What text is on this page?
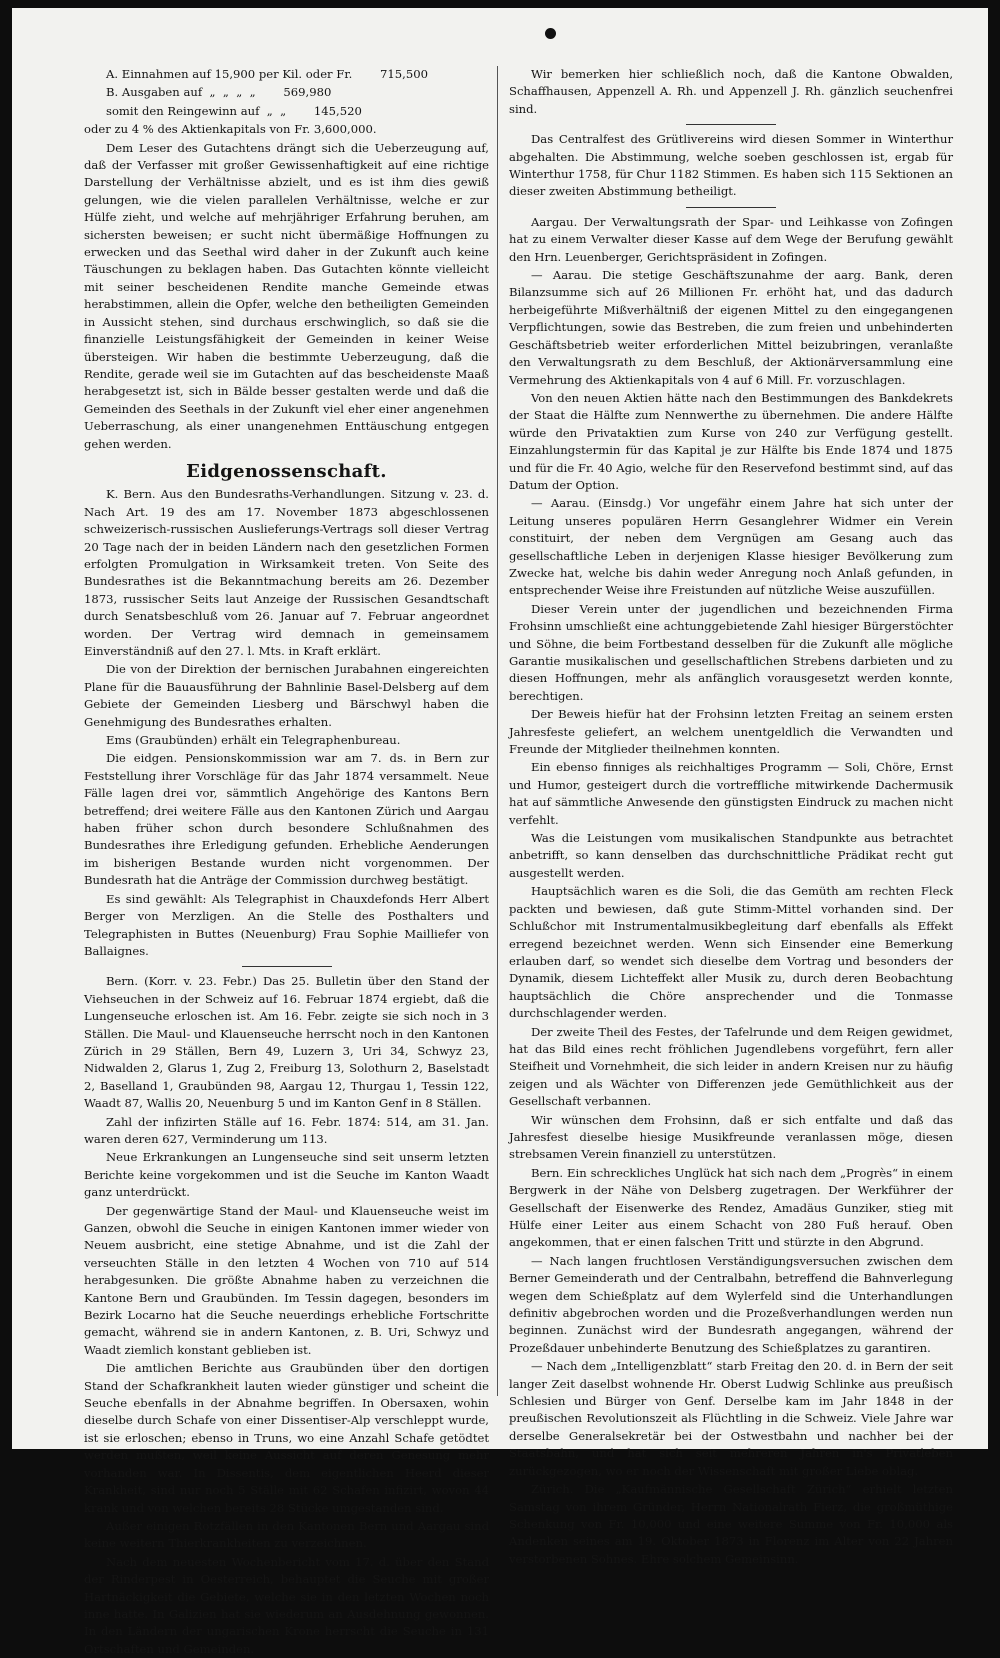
A. Einnahmen auf 15,900 per Kil. oder Fr. 715,500

B. Ausgaben auf  „  „  „  „ 569,980

somit den Reingewinn auf  „  „ 145,520

oder zu 4 % des Aktienkapitals von Fr. 3,600,000.

Dem Leser des Gutachtens drängt sich die Ueberzeugung auf, daß der Verfasser mit großer Gewissenhaftigkeit auf eine richtige Darstellung der Verhältnisse abzielt, und es ist ihm dies gewiß gelungen, wie die vielen parallelen Verhältnisse, welche er zur Hülfe zieht, und welche auf mehrjähriger Erfahrung beruhen, am sichersten beweisen; er sucht nicht übermäßige Hoffnungen zu erwecken und das Seethal wird daher in der Zukunft auch keine Täuschungen zu beklagen haben. Das Gutachten könnte vielleicht mit seiner bescheidenen Rendite manche Gemeinde etwas herabstimmen, allein die Opfer, welche den betheiligten Gemeinden in Aussicht stehen, sind durchaus erschwinglich, so daß sie die finanzielle Leistungsfähigkeit der Gemeinden in keiner Weise übersteigen. Wir haben die bestimmte Ueberzeugung, daß die Rendite, gerade weil sie im Gutachten auf das bescheidenste Maaß herabgesetzt ist, sich in Bälde besser gestalten werde und daß die Gemeinden des Seethals in der Zukunft viel eher einer angenehmen Ueberraschung, als einer unangenehmen Enttäuschung entgegen gehen werden.

Eidgenossenschaft.

K. Bern. Aus den Bundesraths-Verhandlungen. Sitzung v. 23. d. Nach Art. 19 des am 17. November 1873 abgeschlossenen schweizerisch-russischen Auslieferungs-Vertrags soll dieser Vertrag 20 Tage nach der in beiden Ländern nach den gesetzlichen Formen erfolgten Promulgation in Wirksamkeit treten. Von Seite des Bundesrathes ist die Bekanntmachung bereits am 26. Dezember 1873, russischer Seits laut Anzeige der Russischen Gesandtschaft durch Senatsbeschluß vom 26. Januar auf 7. Februar angeordnet worden. Der Vertrag wird demnach in gemeinsamem Einverständniß auf den 27. l. Mts. in Kraft erklärt.

Die von der Direktion der bernischen Jurabahnen eingereichten Plane für die Bauausführung der Bahnlinie Basel-Delsberg auf dem Gebiete der Gemeinden Liesberg und Bärschwyl haben die Genehmigung des Bundesrathes erhalten.

Ems (Graubünden) erhält ein Telegraphenbureau.

Die eidgen. Pensionskommission war am 7. ds. in Bern zur Feststellung ihrer Vorschläge für das Jahr 1874 versammelt. Neue Fälle lagen drei vor, sämmtlich Angehörige des Kantons Bern betreffend; drei weitere Fälle aus den Kantonen Zürich und Aargau haben früher schon durch besondere Schlußnahmen des Bundesrathes ihre Erledigung gefunden. Erhebliche Aenderungen im bisherigen Bestande wurden nicht vorgenommen. Der Bundesrath hat die Anträge der Commission durchweg bestätigt.

Es sind gewählt: Als Telegraphist in Chauxdefonds Herr Albert Berger von Merzligen. An die Stelle des Posthalters und Telegraphisten in Buttes (Neuenburg) Frau Sophie Mailliefer von Ballaignes.

Bern. (Korr. v. 23. Febr.) Das 25. Bulletin über den Stand der Viehseuchen in der Schweiz auf 16. Februar 1874 ergiebt, daß die Lungenseuche erloschen ist. Am 16. Febr. zeigte sie sich noch in 3 Ställen. Die Maul- und Klauenseuche herrscht noch in den Kantonen Zürich in 29 Ställen, Bern 49, Luzern 3, Uri 34, Schwyz 23, Nidwalden 2, Glarus 1, Zug 2, Freiburg 13, Solothurn 2, Baselstadt 2, Baselland 1, Graubünden 98, Aargau 12, Thurgau 1, Tessin 122, Waadt 87, Wallis 20, Neuenburg 5 und im Kanton Genf in 8 Ställen.

Zahl der infizirten Ställe auf 16. Febr. 1874: 514, am 31. Jan. waren deren 627, Verminderung um 113.

Neue Erkrankungen an Lungenseuche sind seit unserm letzten Berichte keine vorgekommen und ist die Seuche im Kanton Waadt ganz unterdrückt.

Der gegenwärtige Stand der Maul- und Klauenseuche weist im Ganzen, obwohl die Seuche in einigen Kantonen immer wieder von Neuem ausbricht, eine stetige Abnahme, und ist die Zahl der verseuchten Ställe in den letzten 4 Wochen von 710 auf 514 herabgesunken. Die größte Abnahme haben zu verzeichnen die Kantone Bern und Graubünden. Im Tessin dagegen, besonders im Bezirk Locarno hat die Seuche neuerdings erhebliche Fortschritte gemacht, während sie in andern Kantonen, z. B. Uri, Schwyz und Waadt ziemlich konstant geblieben ist.

Die amtlichen Berichte aus Graubünden über den dortigen Stand der Schafkrankheit lauten wieder günstiger und scheint die Seuche ebenfalls in der Abnahme begriffen. In Obersaxen, wohin dieselbe durch Schafe von einer Dissentiser-Alp verschleppt wurde, ist sie erloschen; ebenso in Truns, wo eine Anzahl Schafe getödtet werden mußten, weil keine Aussicht auf deren Genesung mehr vorhanden war. In Dissentis, dem eigentlichen Heerd dieser Krankheit, sind nur noch 5 Ställe mit 62 Schafen infizirt, wovon 44 krank und von welchen bereits 28 Stücke umgestanden sind.

Außer einigen Rotzfällen in den Kantonen Bern und Aargau sind keine weitern Thierkrankheiten zu verzeichnen.

Nach dem neuesten Wochenbericht vom 17. d. über den Stand der Rinderpest in Oesterreich, behauptet die Seuche mit großer Hartnäckigkeit die Gebiete, welche sie in den letzten Wochen noch inne hatte. In Galizien hat sie wiederum an Ausdehnung gewonnen. In den Ländern der ungarischen Krone herrscht die Seuche in 131 Ortschaften und Gemeinden.

Wir bemerken hier schließlich noch, daß die Kantone Obwalden, Schaffhausen, Appenzell A. Rh. und Appenzell J. Rh. gänzlich seuchenfrei sind.

Das Centralfest des Grütlivereins wird diesen Sommer in Winterthur abgehalten. Die Abstimmung, welche soeben geschlossen ist, ergab für Winterthur 1758, für Chur 1182 Stimmen. Es haben sich 115 Sektionen an dieser zweiten Abstimmung betheiligt.

Aargau. Der Verwaltungsrath der Spar- und Leihkasse von Zofingen hat zu einem Verwalter dieser Kasse auf dem Wege der Berufung gewählt den Hrn. Leuenberger, Gerichtspräsident in Zofingen.

— Aarau. Die stetige Geschäftszunahme der aarg. Bank, deren Bilanzsumme sich auf 26 Millionen Fr. erhöht hat, und das dadurch herbeigeführte Mißverhältniß der eigenen Mittel zu den eingegangenen Verpflichtungen, sowie das Bestreben, die zum freien und unbehinderten Geschäftsbetrieb weiter erforderlichen Mittel beizubringen, veranlaßte den Verwaltungsrath zu dem Beschluß, der Aktionärversammlung eine Vermehrung des Aktienkapitals von 4 auf 6 Mill. Fr. vorzuschlagen.

Von den neuen Aktien hätte nach den Bestimmungen des Bankdekrets der Staat die Hälfte zum Nennwerthe zu übernehmen. Die andere Hälfte würde den Privataktien zum Kurse von 240 zur Verfügung gestellt. Einzahlungstermin für das Kapital je zur Hälfte bis Ende 1874 und 1875 und für die Fr. 40 Agio, welche für den Reservefond bestimmt sind, auf das Datum der Option.

— Aarau. (Einsdg.) Vor ungefähr einem Jahre hat sich unter der Leitung unseres populären Herrn Gesanglehrer Widmer ein Verein constituirt, der neben dem Vergnügen am Gesang auch das gesellschaftliche Leben in derjenigen Klasse hiesiger Bevölkerung zum Zwecke hat, welche bis dahin weder Anregung noch Anlaß gefunden, in entsprechender Weise ihre Freistunden auf nützliche Weise auszufüllen.

Dieser Verein unter der jugendlichen und bezeichnenden Firma Frohsinn umschließt eine achtunggebietende Zahl hiesiger Bürgerstöchter und Söhne, die beim Fortbestand desselben für die Zukunft alle mögliche Garantie musikalischen und gesellschaftlichen Strebens darbieten und zu diesen Hoffnungen, mehr als anfänglich vorausgesetzt werden konnte, berechtigen.

Der Beweis hiefür hat der Frohsinn letzten Freitag an seinem ersten Jahresfeste geliefert, an welchem unentgeldlich die Verwandten und Freunde der Mitglieder theilnehmen konnten.

Ein ebenso finniges als reichhaltiges Programm — Soli, Chöre, Ernst und Humor, gesteigert durch die vortreffliche mitwirkende Dachermusik hat auf sämmtliche Anwesende den günstigsten Eindruck zu machen nicht verfehlt.

Was die Leistungen vom musikalischen Standpunkte aus betrachtet anbetrifft, so kann denselben das durchschnittliche Prädikat recht gut ausgestellt werden.

Hauptsächlich waren es die Soli, die das Gemüth am rechten Fleck packten und bewiesen, daß gute Stimm-Mittel vorhanden sind. Der Schlußchor mit Instrumentalmusikbegleitung darf ebenfalls als Effekt erregend bezeichnet werden. Wenn sich Einsender eine Bemerkung erlauben darf, so wendet sich dieselbe dem Vortrag und besonders der Dynamik, diesem Lichteffekt aller Musik zu, durch deren Beobachtung hauptsächlich die Chöre ansprechender und die Tonmasse durchschlagender werden.

Der zweite Theil des Festes, der Tafelrunde und dem Reigen gewidmet, hat das Bild eines recht fröhlichen Jugendlebens vorgeführt, fern aller Steifheit und Vornehmheit, die sich leider in andern Kreisen nur zu häufig zeigen und als Wächter von Differenzen jede Gemüthlichkeit aus der Gesellschaft verbannen.

Wir wünschen dem Frohsinn, daß er sich entfalte und daß das Jahresfest dieselbe hiesige Musikfreunde veranlassen möge, diesen strebsamen Verein finanziell zu unterstützen.

Bern. Ein schreckliches Unglück hat sich nach dem „Progrès“ in einem Bergwerk in der Nähe von Delsberg zugetragen. Der Werkführer der Gesellschaft der Eisenwerke des Rendez, Amadäus Gunziker, stieg mit Hülfe einer Leiter aus einem Schacht von 280 Fuß herauf. Oben angekommen, that er einen falschen Tritt und stürzte in den Abgrund.

— Nach langen fruchtlosen Verständigungsversuchen zwischen dem Berner Gemeinderath und der Centralbahn, betreffend die Bahnverlegung wegen dem Schießplatz auf dem Wylerfeld sind die Unterhandlungen definitiv abgebrochen worden und die Prozeßverhandlungen werden nun beginnen. Zunächst wird der Bundesrath angegangen, während der Prozeßdauer unbehinderte Benutzung des Schießplatzes zu garantiren.

— Nach dem „Intelligenzblatt“ starb Freitag den 20. d. in Bern der seit langer Zeit daselbst wohnende Hr. Oberst Ludwig Schlinke aus preußisch Schlesien und Bürger von Genf. Derselbe kam im Jahr 1848 in der preußischen Revolutionszeit als Flüchtling in die Schweiz. Viele Jahre war derselbe Generalsekretär bei der Ostwestbahn und nachher bei der Staatsbahn, und hat sich seit mehreren Jahren in's Privatleben zurückgezogen, wo er noch der Wissenschaft mit großer Liebe oblag.

Zürich. Die „Kaufmännische Gesellschaft Zürich“ erhielt letzten Samstag von ihrem Gründer, Herrn Nationalrath Fierz, die großmüthige Schenkung von Fr. 10,000 und eine weitere Summe von Fr. 10,000 als Andenken seines am 19. Oktober 1873 in Florenz im Alter von 22 Jahren verstorbenen Sohnes. Ehre solchem Gemeinsinn.
